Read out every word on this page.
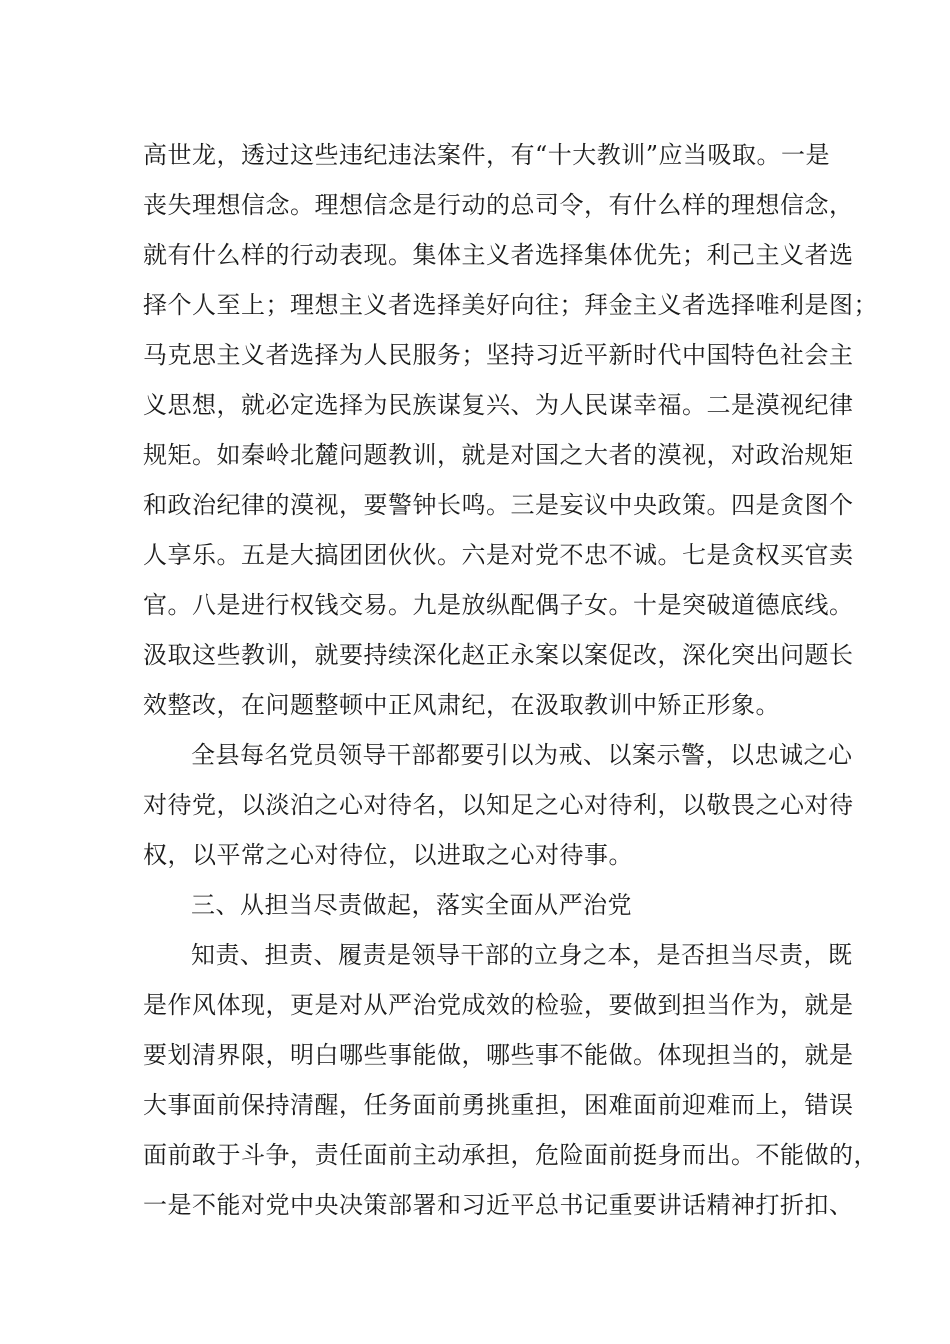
高世龙，透过这些违纪违法案件，有“十大教训”应当吸取。一是
丧失理想信念。理想信念是行动的总司令，有什么样的理想信念，
就有什么样的行动表现。集体主义者选择集体优先；利己主义者选
择个人至上；理想主义者选择美好向往；拜金主义者选择唯利是图；
马克思主义者选择为人民服务；坚持习近平新时代中国特色社会主
义思想，就必定选择为民族谋复兴、为人民谋幸福。二是漠视纪律
规矩。如秦岭北麓问题教训，就是对国之大者的漠视，对政治规矩
和政治纪律的漠视，要警钟长鸣。三是妄议中央政策。四是贪图个
人享乐。五是大搞团团伙伙。六是对党不忠不诚。七是贪权买官卖
官。八是进行权钱交易。九是放纵配偶子女。十是突破道德底线。
汲取这些教训，就要持续深化赵正永案以案促改，深化突出问题长
效整改，在问题整顿中正风肃纪，在汲取教训中矫正形象。
全县每名党员领导干部都要引以为戒、以案示警，以忠诚之心
对待党，以淡泊之心对待名，以知足之心对待利，以敬畏之心对待
权，以平常之心对待位，以进取之心对待事。
三、从担当尽责做起，落实全面从严治党
知责、担责、履责是领导干部的立身之本，是否担当尽责，既
是作风体现，更是对从严治党成效的检验，要做到担当作为，就是
要划清界限，明白哪些事能做，哪些事不能做。体现担当的，就是
大事面前保持清醒，任务面前勇挑重担，困难面前迎难而上，错误
面前敢于斗争，责任面前主动承担，危险面前挺身而出。不能做的，
一是不能对党中央决策部署和习近平总书记重要讲话精神打折扣、
